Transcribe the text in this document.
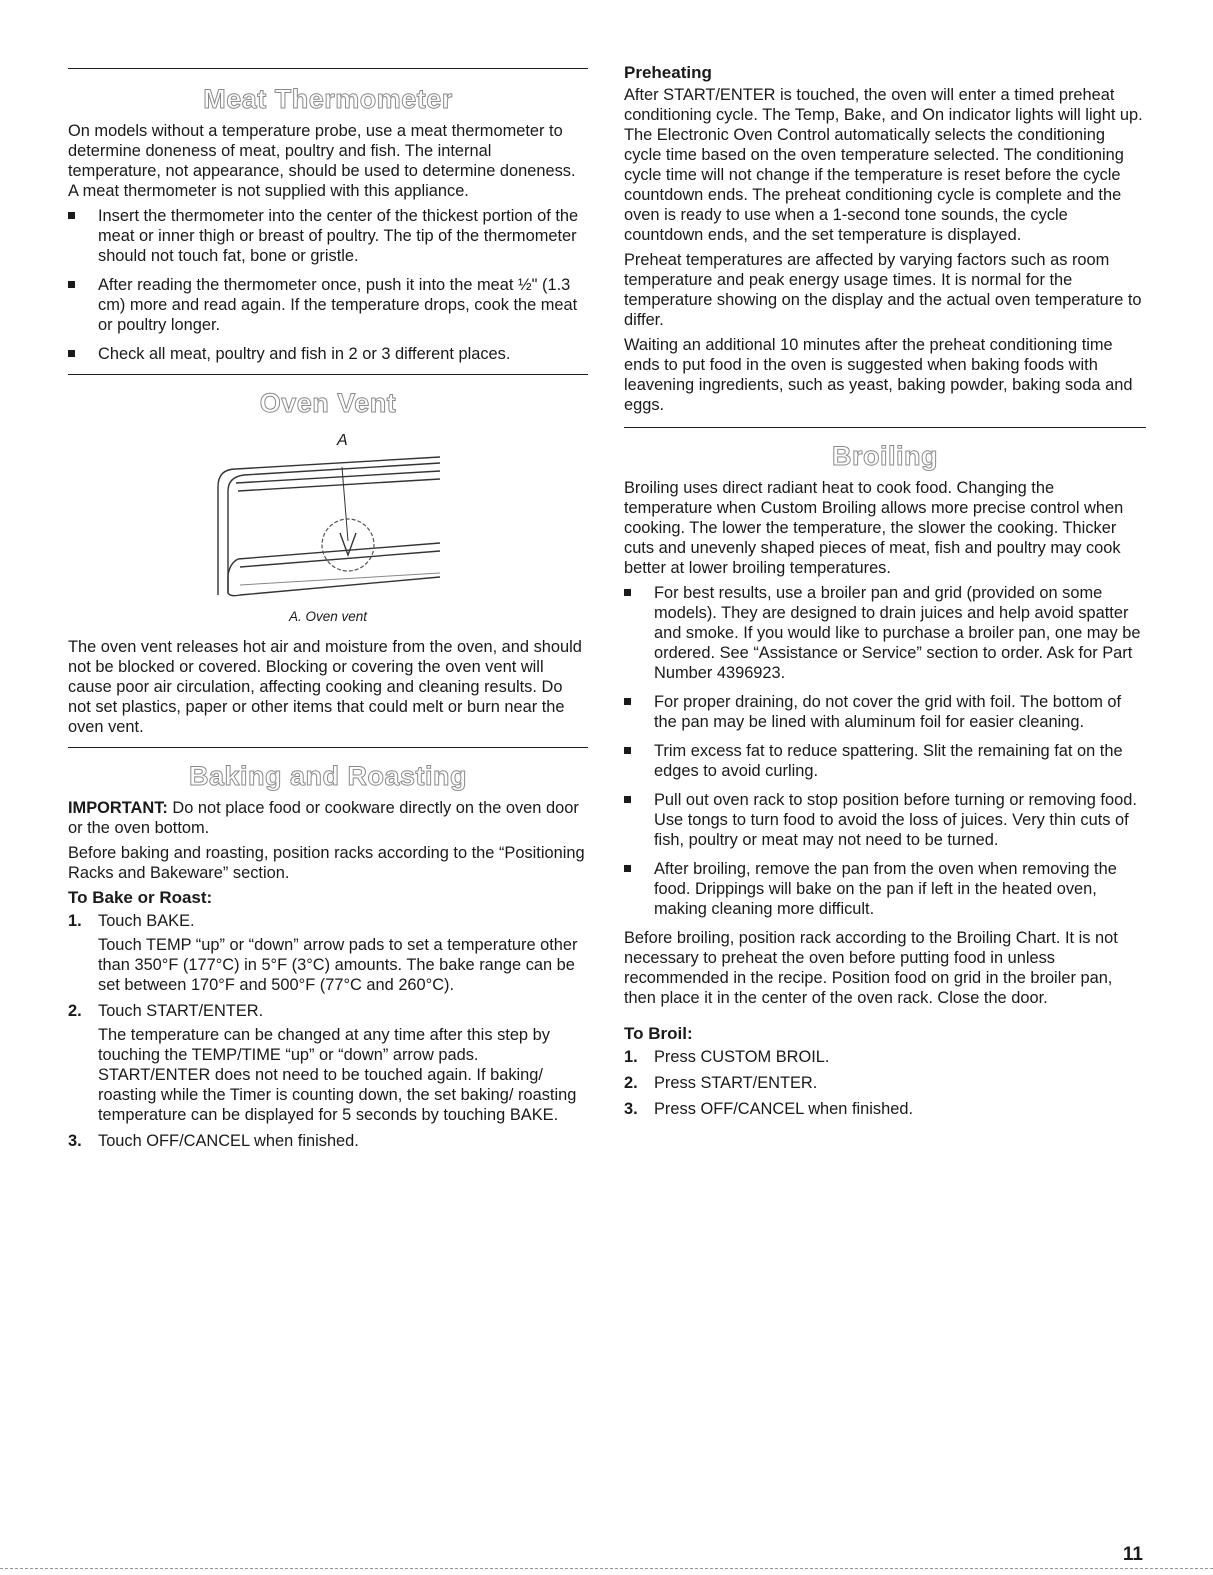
Meat Thermometer

On models without a temperature probe, use a meat thermometer to determine doneness of meat, poultry and fish. The internal temperature, not appearance, should be used to determine doneness. A meat thermometer is not supplied with this appliance.

Insert the thermometer into the center of the thickest portion of the meat or inner thigh or breast of poultry. The tip of the thermometer should not touch fat, bone or gristle.
After reading the thermometer once, push it into the meat ½" (1.3 cm) more and read again. If the temperature drops, cook the meat or poultry longer.
Check all meat, poultry and fish in 2 or 3 different places.
Oven Vent
A
A. Oven vent

The oven vent releases hot air and moisture from the oven, and should not be blocked or covered. Blocking or covering the oven vent will cause poor air circulation, affecting cooking and cleaning results. Do not set plastics, paper or other items that could melt or burn near the oven vent.

Baking and Roasting

IMPORTANT: Do not place food or cookware directly on the oven door or the oven bottom.

Before baking and roasting, position racks according to the “Positioning Racks and Bakeware” section.

To Bake or Roast:
1. Touch BAKE.

Touch TEMP “up” or “down” arrow pads to set a temperature other than 350°F (177°C) in 5°F (3°C) amounts. The bake range can be set between 170°F and 500°F (77°C and 260°C).

2. Touch START/ENTER.

The temperature can be changed at any time after this step by touching the TEMP/TIME “up” or “down” arrow pads. START/ENTER does not need to be touched again. If baking/ roasting while the Timer is counting down, the set baking/ roasting temperature can be displayed for 5 seconds by touching BAKE.

3. Touch OFF/CANCEL when finished.

Preheating

After START/ENTER is touched, the oven will enter a timed preheat conditioning cycle. The Temp, Bake, and On indicator lights will light up. The Electronic Oven Control automatically selects the conditioning cycle time based on the oven temperature selected. The conditioning cycle time will not change if the temperature is reset before the cycle countdown ends. The preheat conditioning cycle is complete and the oven is ready to use when a 1-second tone sounds, the cycle countdown ends, and the set temperature is displayed.

Preheat temperatures are affected by varying factors such as room temperature and peak energy usage times. It is normal for the temperature showing on the display and the actual oven temperature to differ.

Waiting an additional 10 minutes after the preheat conditioning time ends to put food in the oven is suggested when baking foods with leavening ingredients, such as yeast, baking powder, baking soda and eggs.

Broiling

Broiling uses direct radiant heat to cook food. Changing the temperature when Custom Broiling allows more precise control when cooking. The lower the temperature, the slower the cooking. Thicker cuts and unevenly shaped pieces of meat, fish and poultry may cook better at lower broiling temperatures.

For best results, use a broiler pan and grid (provided on some models). They are designed to drain juices and help avoid spatter and smoke. If you would like to purchase a broiler pan, one may be ordered. See “Assistance or Service” section to order. Ask for Part Number 4396923.
For proper draining, do not cover the grid with foil. The bottom of the pan may be lined with aluminum foil for easier cleaning.
Trim excess fat to reduce spattering. Slit the remaining fat on the edges to avoid curling.
Pull out oven rack to stop position before turning or removing food. Use tongs to turn food to avoid the loss of juices. Very thin cuts of fish, poultry or meat may not need to be turned.
After broiling, remove the pan from the oven when removing the food. Drippings will bake on the pan if left in the heated oven, making cleaning more difficult.

Before broiling, position rack according to the Broiling Chart. It is not necessary to preheat the oven before putting food in unless recommended in the recipe. Position food on grid in the broiler pan, then place it in the center of the oven rack. Close the door.

To Broil:
1. Press CUSTOM BROIL.
2. Press START/ENTER.
3. Press OFF/CANCEL when finished.
11
